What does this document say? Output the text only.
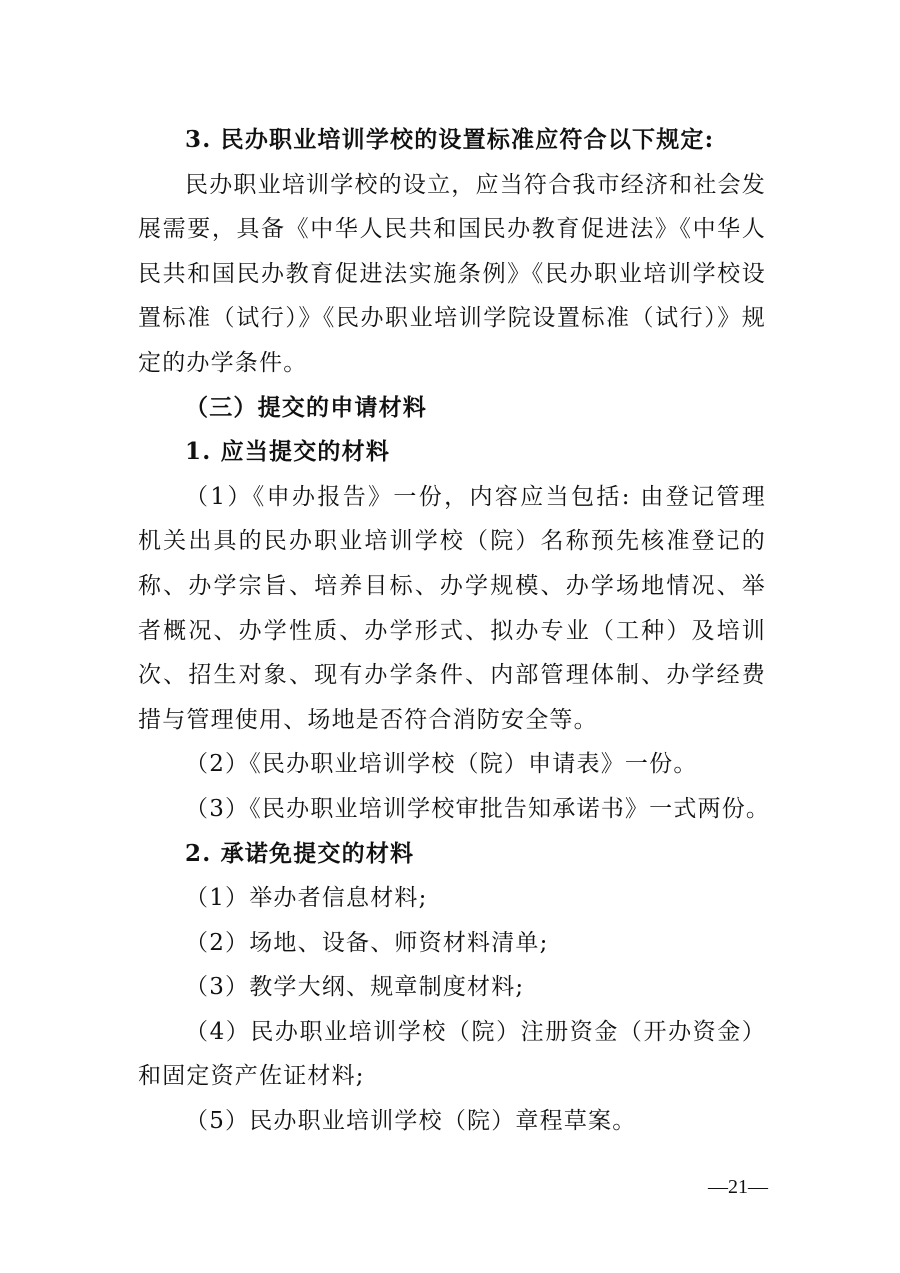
3. 民办职业培训学校的设置标准应符合以下规定:
民办职业培训学校的设立，应当符合我市经济和社会发
展需要，具备《中华人民共和国民办教育促进法》《中华人
民共和国民办教育促进法实施条例》《民办职业培训学校设
置标准（试行）》《民办职业培训学院设置标准（试行）》规
定的办学条件。
（三）提交的申请材料
1. 应当提交的材料
（1）《申办报告》一份，内容应当包括: 由登记管理
机关出具的民办职业培训学校（院）名称预先核准登记的
称、办学宗旨、培养目标、办学规模、办学场地情况、举
者概况、办学性质、办学形式、拟办专业（工种）及培训
次、招生对象、现有办学条件、内部管理体制、办学经费
措与管理使用、场地是否符合消防安全等。
（2）《民办职业培训学校（院）申请表》一份。
（3）《民办职业培训学校审批告知承诺书》一式两份。
2. 承诺免提交的材料
（1）举办者信息材料;
（2）场地、设备、师资材料清单;
（3）教学大纲、规章制度材料;
（4）民办职业培训学校（院）注册资金（开办资金）
和固定资产佐证材料;
（5）民办职业培训学校（院）章程草案。
—21—
